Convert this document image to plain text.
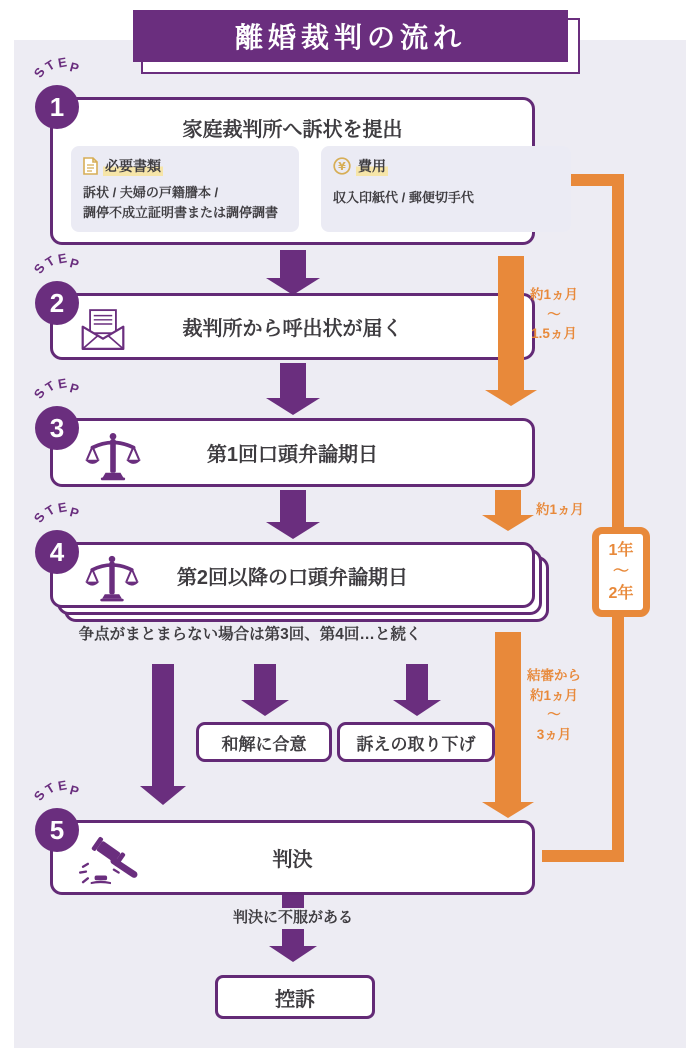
1年
〜
2年
離婚裁判の流れ
約1ヵ月
〜
1.5ヵ月
約1ヵ月
結審から
約1ヵ月
〜
3ヵ月
家庭裁判所へ訴状を提出
必要書類
訴状 / 夫婦の戸籍謄本 /
調停不成立証明書または調停調書
¥ 費用
収入印紙代 / 郵便切手代
裁判所から呼出状が届く
第1回口頭弁論期日
第2回以降の口頭弁論期日
争点がまとまらない場合は第3回、第4回…と続く
和解に合意	訴えの取り下げ
判決
判決に不服がある
控訴
S
T E P
1
S
T E P
2
S
T E P
3
S
T E P
4
S
T E P
5
